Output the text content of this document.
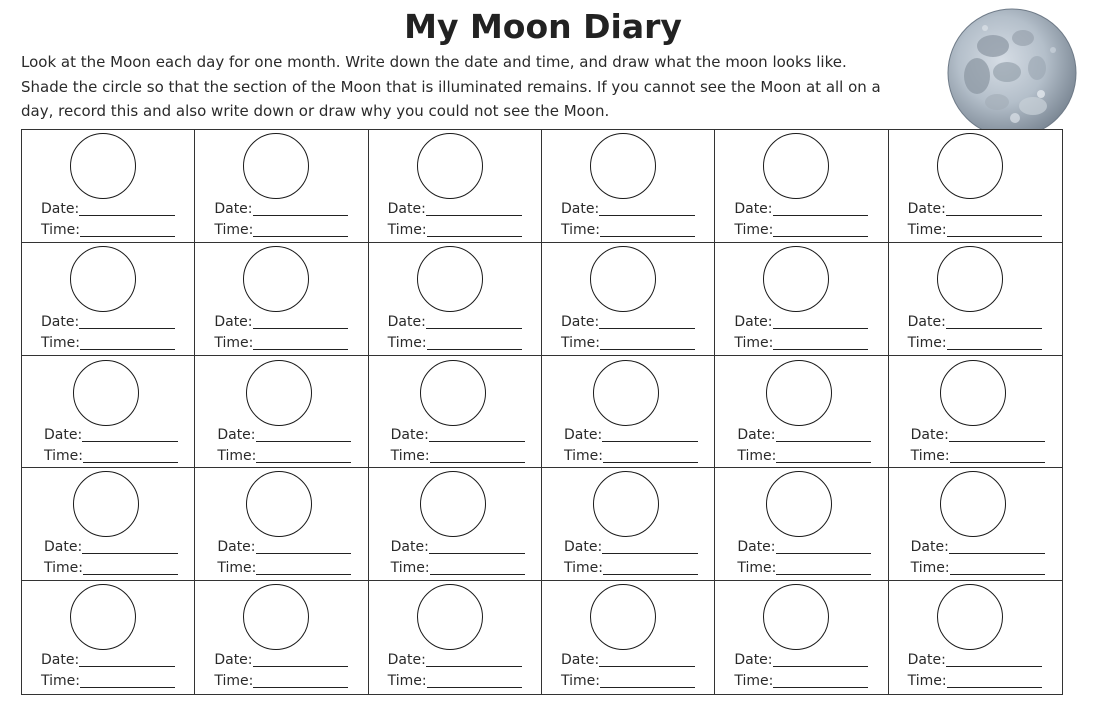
My Moon Diary
Look at the Moon each day for one month. Write down the date and time, and draw what the moon looks like.
Shade the circle so that the section of the Moon that is illuminated remains. If you cannot see the Moon at all on a
day, record this and also write down or draw why you could not see the Moon.
Date:
Time:
Date:
Time:
Date:
Time:
Date:
Time:
Date:
Time:
Date:
Time:
Date:
Time:
Date:
Time:
Date:
Time:
Date:
Time:
Date:
Time:
Date:
Time:
Date:
Time:
Date:
Time:
Date:
Time:
Date:
Time:
Date:
Time:
Date:
Time:
Date:
Time:
Date:
Time:
Date:
Time:
Date:
Time:
Date:
Time:
Date:
Time:
Date:
Time:
Date:
Time:
Date:
Time:
Date:
Time:
Date:
Time:
Date:
Time:
